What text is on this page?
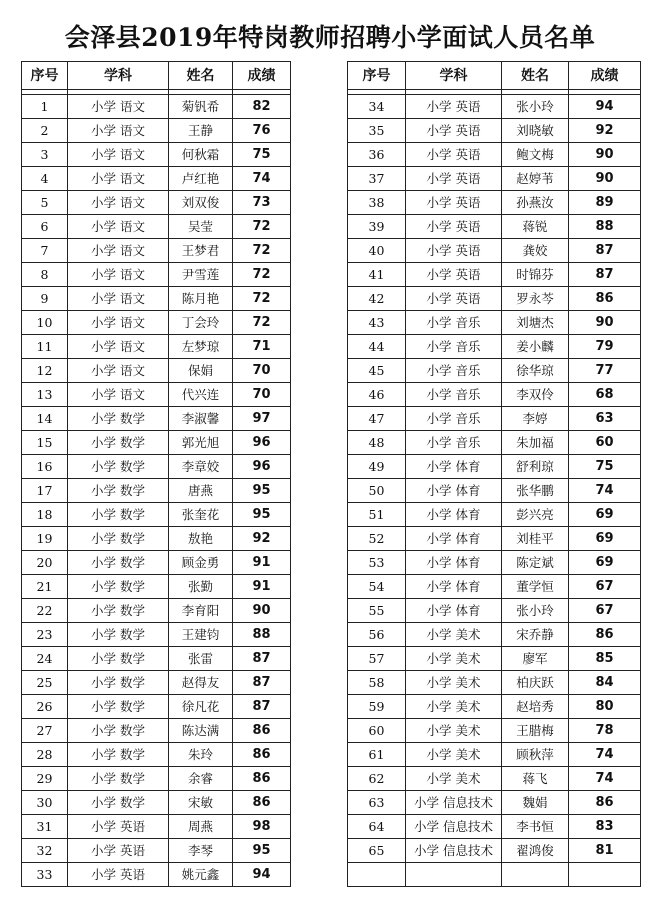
会泽县2019年特岗教师招聘小学面试人员名单
序号	学科	姓名	成绩

1	小学 语文	菊钒希	82
2	小学 语文	王静	76
3	小学 语文	何秋霜	75
4	小学 语文	卢红艳	74
5	小学 语文	刘双俊	73
6	小学 语文	吴莹	72
7	小学 语文	王梦君	72
8	小学 语文	尹雪莲	72
9	小学 语文	陈月艳	72
10	小学 语文	丁会玲	72
11	小学 语文	左梦琼	71
12	小学 语文	保娟	70
13	小学 语文	代兴连	70
14	小学 数学	李淑馨	97
15	小学 数学	郭光旭	96
16	小学 数学	李章姣	96
17	小学 数学	唐燕	95
18	小学 数学	张奎花	95
19	小学 数学	敖艳	92
20	小学 数学	顾金勇	91
21	小学 数学	张勤	91
22	小学 数学	李育阳	90
23	小学 数学	王建钧	88
24	小学 数学	张雷	87
25	小学 数学	赵得友	87
26	小学 数学	徐凡花	87
27	小学 数学	陈达满	86
28	小学 数学	朱玲	86
29	小学 数学	余睿	86
30	小学 数学	宋敏	86
31	小学 英语	周燕	98
32	小学 英语	李琴	95
33	小学 英语	姚元鑫	94
序号	学科	姓名	成绩

34	小学 英语	张小玲	94
35	小学 英语	刘晓敏	92
36	小学 英语	鲍文梅	90
37	小学 英语	赵婷苇	90
38	小学 英语	孙燕汝	89
39	小学 英语	蒋锐	88
40	小学 英语	龚姣	87
41	小学 英语	时锦芬	87
42	小学 英语	罗永芩	86
43	小学 音乐	刘塘杰	90
44	小学 音乐	姜小麟	79
45	小学 音乐	徐华琼	77
46	小学 音乐	李双伶	68
47	小学 音乐	李婷	63
48	小学 音乐	朱加福	60
49	小学 体育	舒利琼	75
50	小学 体育	张华鹏	74
51	小学 体育	彭兴亮	69
52	小学 体育	刘桂平	69
53	小学 体育	陈定斌	69
54	小学 体育	董学恒	67
55	小学 体育	张小玲	67
56	小学 美术	宋乔静	86
57	小学 美术	廖军	85
58	小学 美术	柏庆跃	84
59	小学 美术	赵培秀	80
60	小学 美术	王腊梅	78
61	小学 美术	顾秋萍	74
62	小学 美术	蒋飞	74
63	小学 信息技术	魏娟	86
64	小学 信息技术	李书恒	83
65	小学 信息技术	翟鸿俊	81
